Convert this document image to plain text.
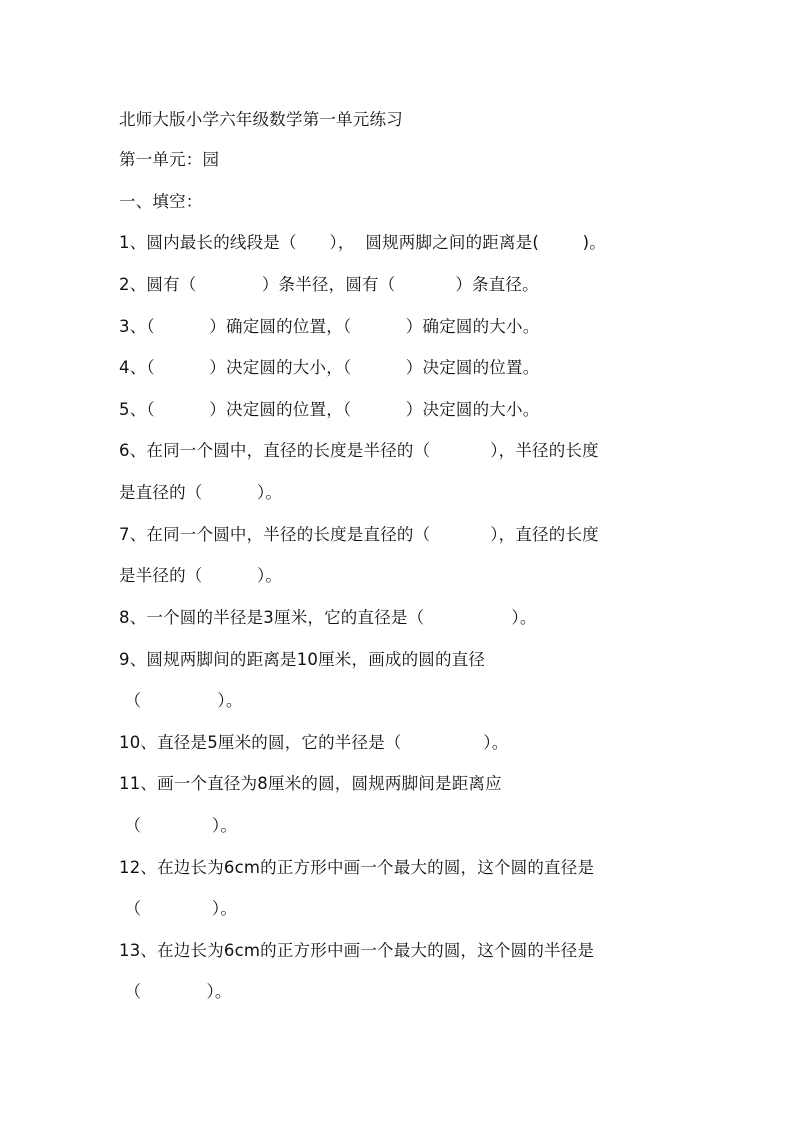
北师大版小学六年级数学第一单元练习
第一单元：园
一、填空：
1、圆内最长的线段是（      ），  圆规两脚之间的距离是(        )。
2、圆有（            ）条半径，圆有（           ）条直径。
3、（          ）确定圆的位置，（          ）确定圆的大小。
4、（          ）决定圆的大小，（          ）决定圆的位置。
5、（          ）决定圆的位置，（          ）决定圆的大小。
6、在同一个圆中，直径的长度是半径的（           ），半径的长度
是直径的（          ）。
7、在同一个圆中，半径的长度是直径的（           ），直径的长度
是半径的（          ）。
8、一个圆的半径是3厘米，它的直径是（                ）。
9、圆规两脚间的距离是10厘米，画成的圆的直径
（              ）。
10、直径是5厘米的圆，它的半径是（               ）。
11、画一个直径为8厘米的圆，圆规两脚间是距离应
（             ）。
12、在边长为6cm的正方形中画一个最大的圆，这个圆的直径是
（             ）。
13、在边长为6cm的正方形中画一个最大的圆，这个圆的半径是
（            ）。
